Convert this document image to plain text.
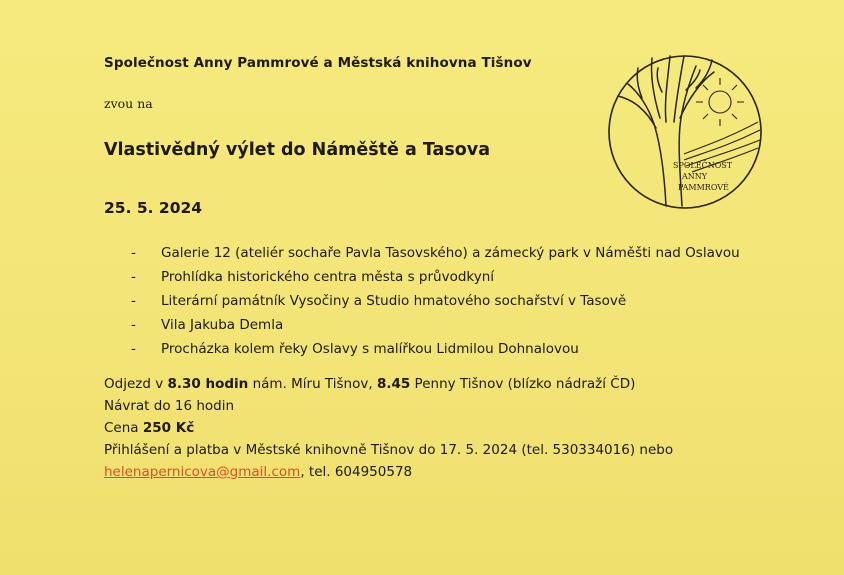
Společnost Anny Pammrové a Městská knihovna Tišnov
zvou na
Vlastivědný výlet do Náměště a Tasova
25. 5. 2024
- Galerie 12 (ateliér sochaře Pavla Tasovského) a zámecký park v Náměšti nad Oslavou
- Prohlídka historického centra města s průvodkyní
- Literární památník Vysočiny a Studio hmatového sochařství v Tasově
- Vila Jakuba Demla
- Procházka kolem řeky Oslavy s malířkou Lidmilou Dohnalovou
Odjezd v 8.30 hodin nám. Míru Tišnov, 8.45 Penny Tišnov (blízko nádraží ČD)
Návrat do 16 hodin
Cena 250 Kč
Přihlášení a platba v Městské knihovně Tišnov do 17. 5. 2024 (tel. 530334016) nebo
helenapernicova@gmail.com, tel. 604950578
SPOLEČNOST
ANNY
PAMMROVÉ
